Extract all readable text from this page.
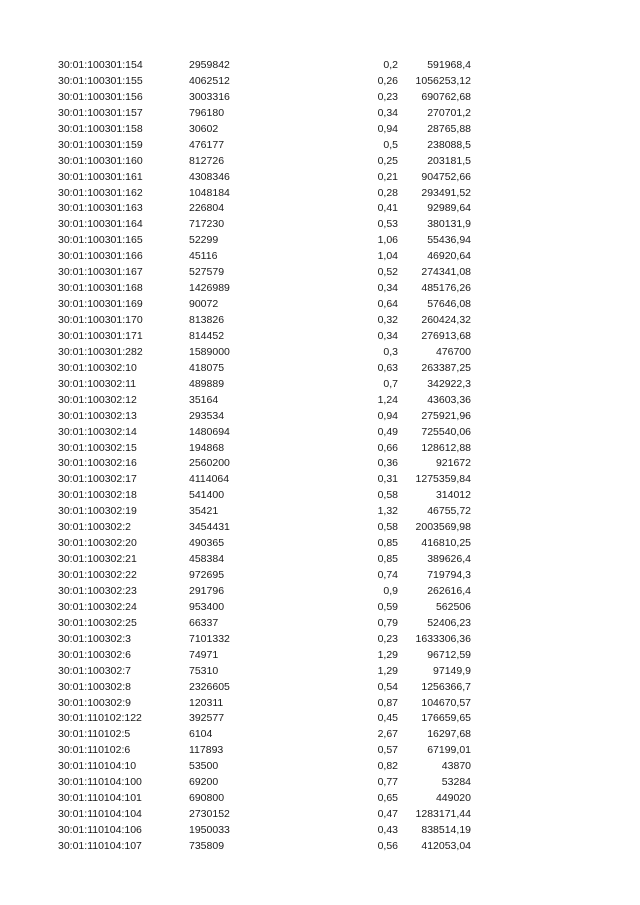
30:01:100301:154	2959842	0,2	591968,4
30:01:100301:155	4062512	0,26	1056253,12
30:01:100301:156	3003316	0,23	690762,68
30:01:100301:157	796180	0,34	270701,2
30:01:100301:158	30602	0,94	28765,88
30:01:100301:159	476177	0,5	238088,5
30:01:100301:160	812726	0,25	203181,5
30:01:100301:161	4308346	0,21	904752,66
30:01:100301:162	1048184	0,28	293491,52
30:01:100301:163	226804	0,41	92989,64
30:01:100301:164	717230	0,53	380131,9
30:01:100301:165	52299	1,06	55436,94
30:01:100301:166	45116	1,04	46920,64
30:01:100301:167	527579	0,52	274341,08
30:01:100301:168	1426989	0,34	485176,26
30:01:100301:169	90072	0,64	57646,08
30:01:100301:170	813826	0,32	260424,32
30:01:100301:171	814452	0,34	276913,68
30:01:100301:282	1589000	0,3	476700
30:01:100302:10	418075	0,63	263387,25
30:01:100302:11	489889	0,7	342922,3
30:01:100302:12	35164	1,24	43603,36
30:01:100302:13	293534	0,94	275921,96
30:01:100302:14	1480694	0,49	725540,06
30:01:100302:15	194868	0,66	128612,88
30:01:100302:16	2560200	0,36	921672
30:01:100302:17	4114064	0,31	1275359,84
30:01:100302:18	541400	0,58	314012
30:01:100302:19	35421	1,32	46755,72
30:01:100302:2	3454431	0,58	2003569,98
30:01:100302:20	490365	0,85	416810,25
30:01:100302:21	458384	0,85	389626,4
30:01:100302:22	972695	0,74	719794,3
30:01:100302:23	291796	0,9	262616,4
30:01:100302:24	953400	0,59	562506
30:01:100302:25	66337	0,79	52406,23
30:01:100302:3	7101332	0,23	1633306,36
30:01:100302:6	74971	1,29	96712,59
30:01:100302:7	75310	1,29	97149,9
30:01:100302:8	2326605	0,54	1256366,7
30:01:100302:9	120311	0,87	104670,57
30:01:110102:122	392577	0,45	176659,65
30:01:110102:5	6104	2,67	16297,68
30:01:110102:6	117893	0,57	67199,01
30:01:110104:10	53500	0,82	43870
30:01:110104:100	69200	0,77	53284
30:01:110104:101	690800	0,65	449020
30:01:110104:104	2730152	0,47	1283171,44
30:01:110104:106	1950033	0,43	838514,19
30:01:110104:107	735809	0,56	412053,04
